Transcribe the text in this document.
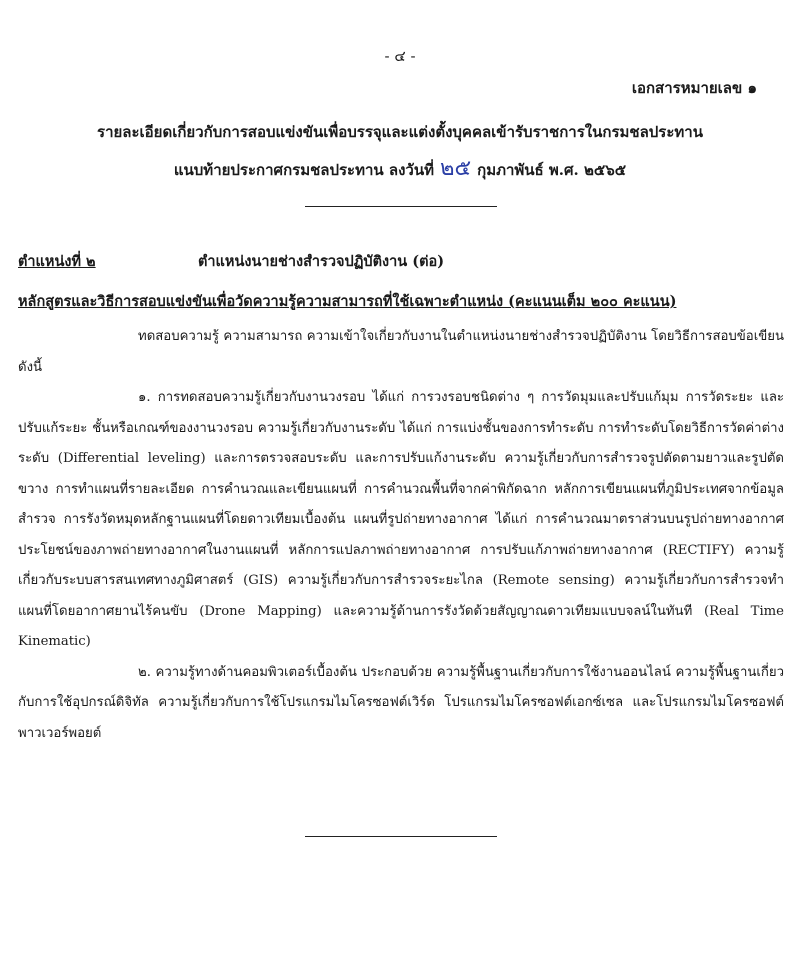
- ๔ -
เอกสารหมายเลข ๑
รายละเอียดเกี่ยวกับการสอบแข่งขันเพื่อบรรจุและแต่งตั้งบุคคลเข้ารับราชการในกรมชลประทาน
แนบท้ายประกาศกรมชลประทาน ลงวันที่ ๒๕ กุมภาพันธ์ พ.ศ. ๒๕๖๕
ตำแหน่งที่ ๒	ตำแหน่งนายช่างสำรวจปฏิบัติงาน (ต่อ)
หลักสูตรและวิธีการสอบแข่งขันเพื่อวัดความรู้ความสามารถที่ใช้เฉพาะตำแหน่ง (คะแนนเต็ม ๒๐๐ คะแนน)

ทดสอบความรู้ ความสามารถ ความเข้าใจเกี่ยวกับงานในตำแหน่งนายช่างสำรวจปฏิบัติงาน โดยวิธีการสอบข้อเขียน ดังนี้

๑. การทดสอบความรู้เกี่ยวกับงานวงรอบ ได้แก่ การวงรอบชนิดต่าง ๆ การวัดมุมและปรับแก้มุม การวัดระยะ และปรับแก้ระยะ ชั้นหรือเกณฑ์ของงานวงรอบ ความรู้เกี่ยวกับงานระดับ ได้แก่ การแบ่งชั้นของการทำระดับ การทำระดับโดยวิธีการวัดค่าต่างระดับ (Differential leveling) และการตรวจสอบระดับ และการปรับแก้งานระดับ ความรู้เกี่ยวกับการสำรวจรูปตัดตามยาวและรูปตัดขวาง การทำแผนที่รายละเอียด การคำนวณและเขียนแผนที่ การคำนวณพื้นที่จากค่าพิกัดฉาก หลักการเขียนแผนที่ภูมิประเทศจากข้อมูลสำรวจ การรังวัดหมุดหลักฐานแผนที่โดยดาวเทียมเบื้องต้น แผนที่รูปถ่ายทางอากาศ ได้แก่ การคำนวณมาตราส่วนบนรูปถ่ายทางอากาศ ประโยชน์ของภาพถ่ายทางอากาศในงานแผนที่ หลักการแปลภาพถ่ายทางอากาศ การปรับแก้ภาพถ่ายทางอากาศ (RECTIFY) ความรู้เกี่ยวกับระบบสารสนเทศทางภูมิศาสตร์ (GIS) ความรู้เกี่ยวกับการสำรวจระยะไกล (Remote sensing) ความรู้เกี่ยวกับการสำรวจทำแผนที่โดยอากาศยานไร้คนขับ (Drone Mapping) และความรู้ด้านการรังวัดด้วยสัญญาณดาวเทียมแบบจลน์ในทันที (Real Time Kinematic)

๒. ความรู้ทางด้านคอมพิวเตอร์เบื้องต้น ประกอบด้วย ความรู้พื้นฐานเกี่ยวกับการใช้งานออนไลน์ ความรู้พื้นฐานเกี่ยวกับการใช้อุปกรณ์ดิจิทัล ความรู้เกี่ยวกับการใช้โปรแกรมไมโครซอฟต์เวิร์ด โปรแกรมไมโครซอฟต์เอกซ์เซล และโปรแกรมไมโครซอฟต์พาวเวอร์พอยต์
